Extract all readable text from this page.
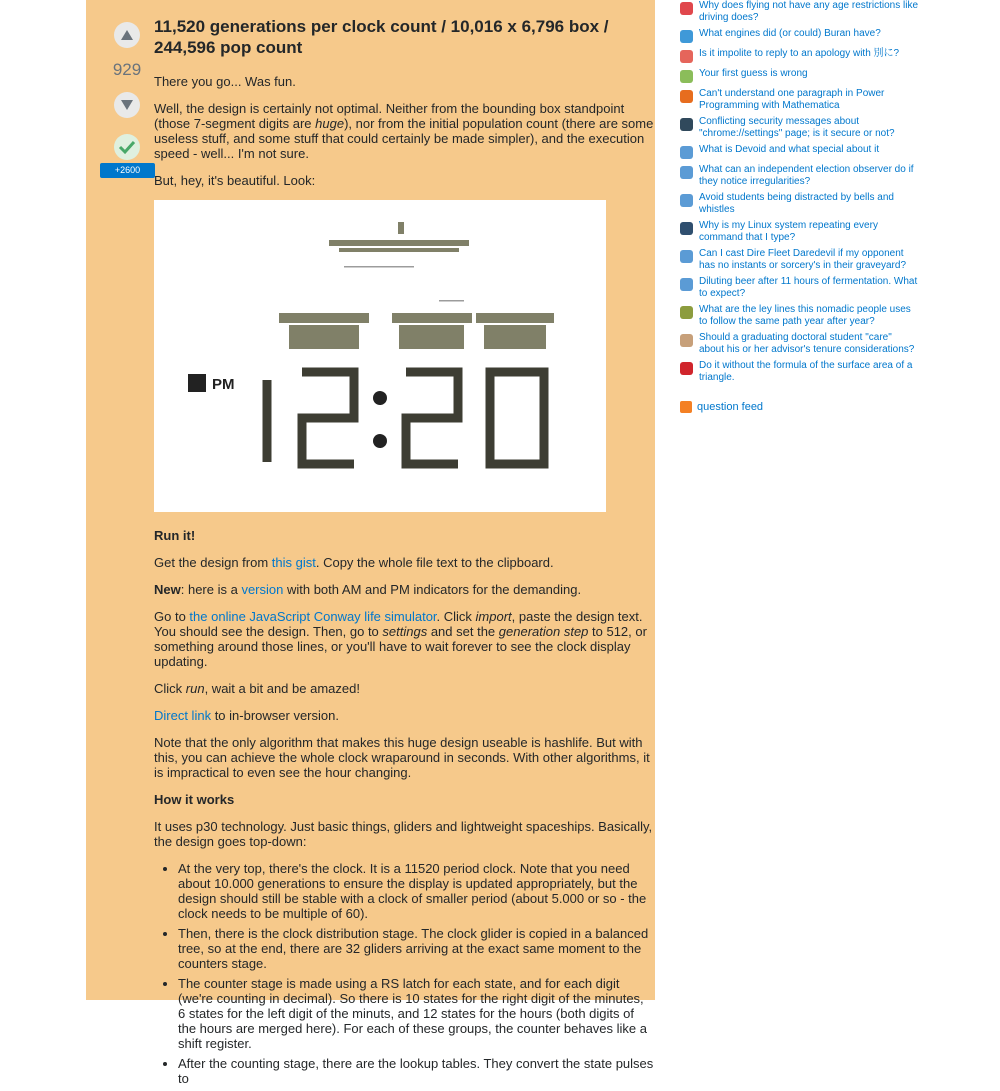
929
+2600
11,520 generations per clock count / 10,016 x 6,796 box / 244,596 pop count

There you go... Was fun.

Well, the design is certainly not optimal. Neither from the bounding box standpoint (those 7-segment digits are huge), nor from the initial population count (there are some useless stuff, and some stuff that could certainly be made simpler), and the execution speed - well... I'm not sure.

But, hey, it's beautiful. Look:

PM

Run it!

Get the design from this gist. Copy the whole file text to the clipboard.

New: here is a version with both AM and PM indicators for the demanding.

Go to the online JavaScript Conway life simulator. Click import, paste the design text. You should see the design. Then, go to settings and set the generation step to 512, or something around those lines, or you'll have to wait forever to see the clock display updating.

Click run, wait a bit and be amazed!

Direct link to in-browser version.

Note that the only algorithm that makes this huge design useable is hashlife. But with this, you can achieve the whole clock wraparound in seconds. With other algorithms, it is impractical to even see the hour changing.

How it works

It uses p30 technology. Just basic things, gliders and lightweight spaceships. Basically, the design goes top-down:

• At the very top, there's the clock. It is a 11520 period clock. Note that you need about 10.000 generations to ensure the display is updated appropriately, but the design should still be stable with a clock of smaller period (about 5.000 or so - the clock needs to be multiple of 60).
• Then, there is the clock distribution stage. The clock glider is copied in a balanced tree, so at the end, there are 32 gliders arriving at the exact same moment to the counters stage.
• The counter stage is made using a RS latch for each state, and for each digit (we're counting in decimal). So there is 10 states for the right digit of the minutes, 6 states for the left digit of the minuts, and 12 states for the hours (both digits of the hours are merged here). For each of these groups, the counter behaves like a shift register.
• After the counting stage, there are the lookup tables. They convert the state pulses to
Why does flying not have any age restrictions like driving does?
What engines did (or could) Buran have?
Is it impolite to reply to an apology with 別に?
Your first guess is wrong
Can't understand one paragraph in Power Programming with Mathematica
Conflicting security messages about "chrome://settings" page; is it secure or not?
What is Devoid and what special about it
What can an independent election observer do if they notice irregularities?
Avoid students being distracted by bells and whistles
Why is my Linux system repeating every command that I type?
Can I cast Dire Fleet Daredevil if my opponent has no instants or sorcery's in their graveyard?
Diluting beer after 11 hours of fermentation. What to expect?
What are the ley lines this nomadic people uses to follow the same path year after year?
Should a graduating doctoral student "care" about his or her advisor's tenure considerations?
Do it without the formula of the surface area of a triangle.
question feed
